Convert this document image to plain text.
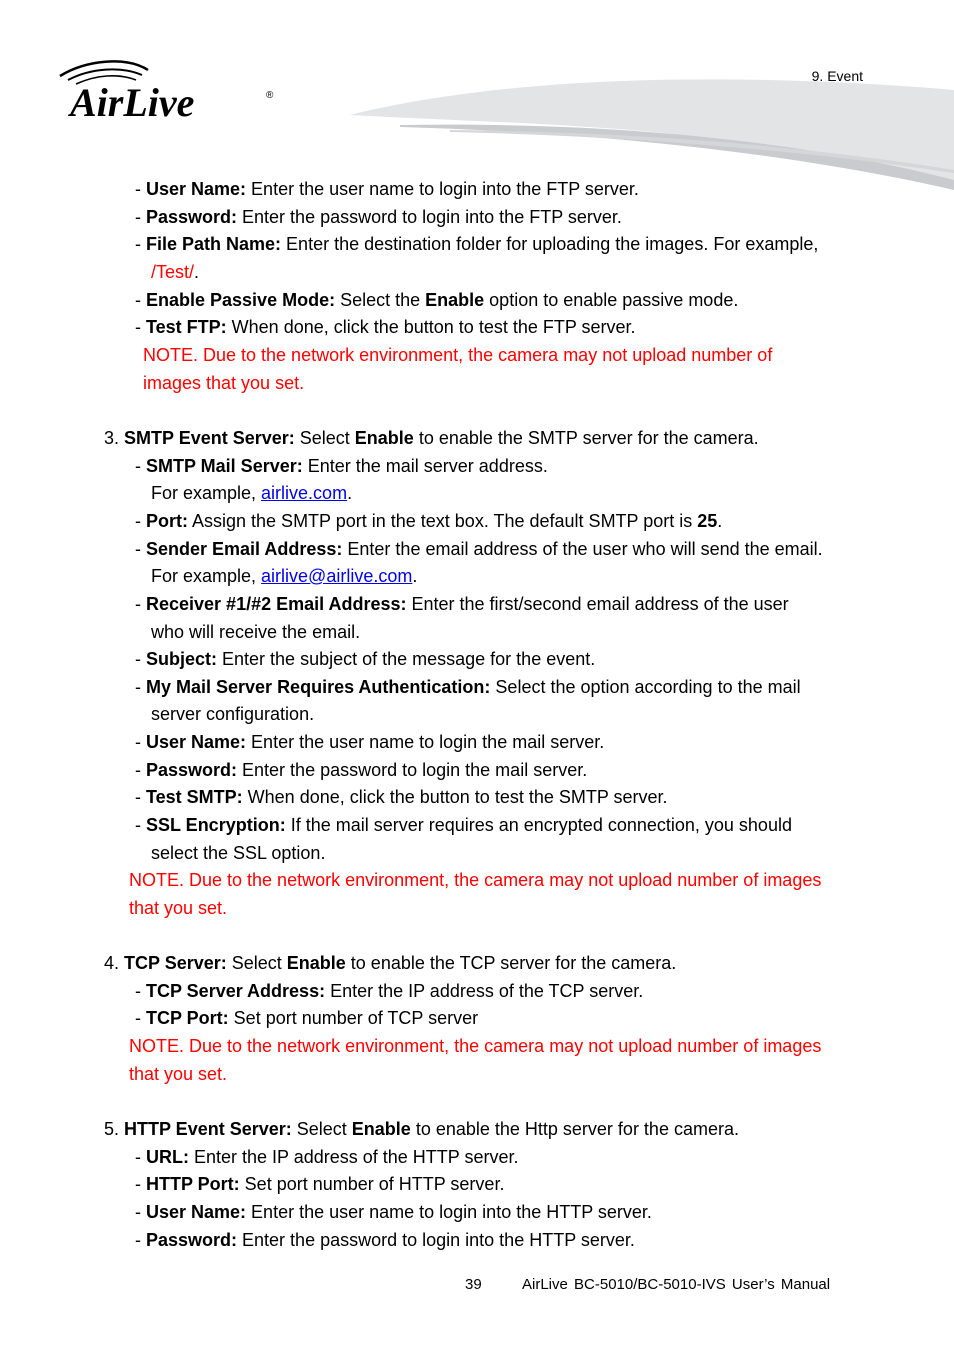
AirLive	®
9. Event
- User Name: Enter the user name to login into the FTP server.
- Password: Enter the password to login into the FTP server.
- File Path Name: Enter the destination folder for uploading the images. For example,
/Test/.
- Enable Passive Mode: Select the Enable option to enable passive mode.
- Test FTP: When done, click the button to test the FTP server.
NOTE. Due to the network environment, the camera may not upload number of
images that you set.
3. SMTP Event Server: Select Enable to enable the SMTP server for the camera.
- SMTP Mail Server: Enter the mail server address.
For example, airlive.com.
- Port: Assign the SMTP port in the text box. The default SMTP port is 25.
- Sender Email Address: Enter the email address of the user who will send the email.
For example, airlive@airlive.com.
- Receiver #1/#2 Email Address: Enter the first/second email address of the user
who will receive the email.
- Subject: Enter the subject of the message for the event.
- My Mail Server Requires Authentication: Select the option according to the mail
server configuration.
- User Name: Enter the user name to login the mail server.
- Password: Enter the password to login the mail server.
- Test SMTP: When done, click the button to test the SMTP server.
- SSL Encryption: If the mail server requires an encrypted connection, you should
select the SSL option.
NOTE. Due to the network environment, the camera may not upload number of images
that you set.
4. TCP Server: Select Enable to enable the TCP server for the camera.
- TCP Server Address: Enter the IP address of the TCP server.
- TCP Port: Set port number of TCP server
NOTE. Due to the network environment, the camera may not upload number of images
that you set.
5. HTTP Event Server: Select Enable to enable the Http server for the camera.
- URL: Enter the IP address of the HTTP server.
- HTTP Port: Set port number of HTTP server.
- User Name: Enter the user name to login into the HTTP server.
- Password: Enter the password to login into the HTTP server.
39	AirLive BC-5010/BC-5010-IVS User’s Manual
